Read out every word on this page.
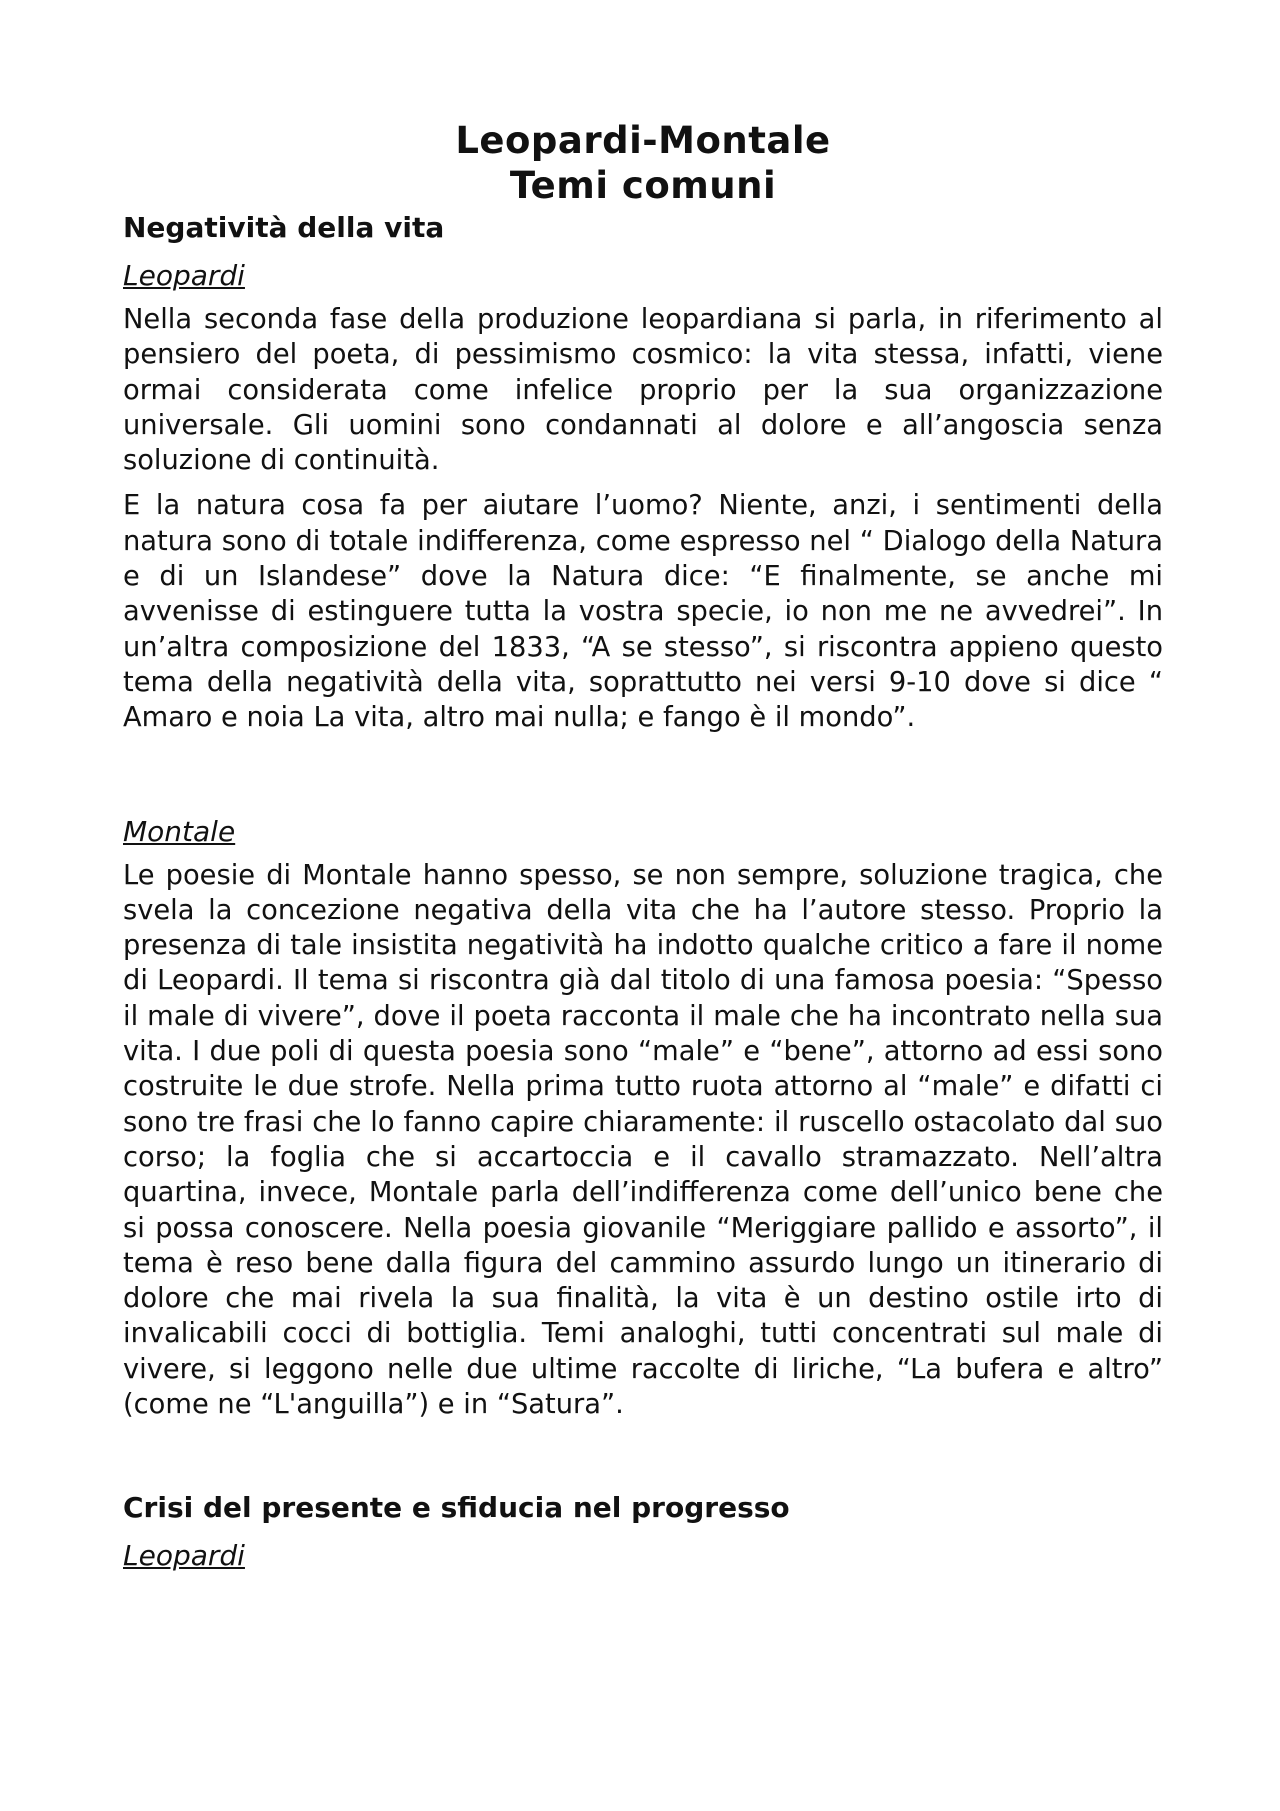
Leopardi-Montale
Temi comuni
Negatività della vita
Leopardi

Nella seconda fase della produzione leopardiana si parla, in riferimento al pensiero del poeta, di pessimismo cosmico: la vita stessa, infatti, viene ormai considerata come infelice proprio per la sua organizzazione universale. Gli uomini sono condannati al dolore e all’angoscia senza soluzione di continuità.

E la natura cosa fa per aiutare l’uomo? Niente, anzi, i sentimenti della natura sono di totale indifferenza, come espresso nel “ Dialogo della Natura e di un Islandese” dove la Natura dice: “E finalmente, se anche mi avvenisse di estinguere tutta la vostra specie, io non me ne avvedrei”. In un’altra composizione del 1833, “A se stesso”, si riscontra appieno questo tema della negatività della vita, soprattutto nei versi 9-10 dove si dice “ Amaro e noia La vita, altro mai nulla; e fango è il mondo”.

Montale

Le poesie di Montale hanno spesso, se non sempre, soluzione tragica, che svela la concezione negativa della vita che ha l’autore stesso. Proprio la presenza di tale insistita negatività ha indotto qualche critico a fare il nome di Leopardi. Il tema si riscontra già dal titolo di una famosa poesia: “Spesso il male di vivere”, dove il poeta racconta il male che ha incontrato nella sua vita. I due poli di questa poesia sono “male” e “bene”, attorno ad essi sono costruite le due strofe. Nella prima tutto ruota attorno al “male” e difatti ci sono tre frasi che lo fanno capire chiaramente: il ruscello ostacolato dal suo corso; la foglia che si accartoccia e il cavallo stramazzato. Nell’altra quartina, invece, Montale parla dell’indifferenza come dell’unico bene che si possa conoscere. Nella poesia giovanile “Meriggiare pallido e assorto”, il tema è reso bene dalla figura del cammino assurdo lungo un itinerario di dolore che mai rivela la sua finalità, la vita è un destino ostile irto di invalicabili cocci di bottiglia. Temi analoghi, tutti concentrati sul male di vivere, si leggono nelle due ultime raccolte di liriche, “La bufera e altro” (come ne “L'anguilla”) e in “Satura”.

Crisi del presente e sfiducia nel progresso
Leopardi
